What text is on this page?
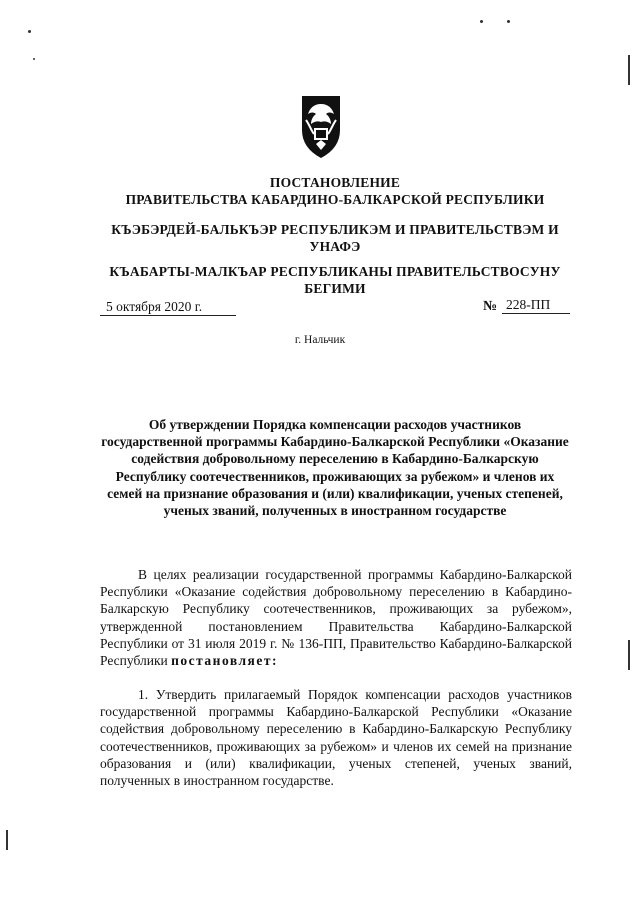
ПОСТАНОВЛЕНИЕ
ПРАВИТЕЛЬСТВА КАБАРДИНО-БАЛКАРСКОЙ РЕСПУБЛИКИ
КЪЭБЭРДЕЙ-БАЛЬКЪЭР РЕСПУБЛИКЭМ И ПРАВИТЕЛЬСТВЭМ И УНАФЭ
КЪАБАРТЫ-МАЛКЪАР РЕСПУБЛИКАНЫ ПРАВИТЕЛЬСТВОСУНУ БЕГИМИ
5 октября 2020 г.	№ 228-ПП
г. Нальчик
Об утверждении Порядка компенсации расходов участников государственной программы Кабардино-Балкарской Республики «Оказание содействия добровольному переселению в Кабардино-Балкарскую Республику соотечественников, проживающих за рубежом» и членов их семей на признание образования и (или) квалификации, ученых степеней, ученых званий, полученных в иностранном государстве
В целях реализации государственной программы Кабардино-Балкарской Республики «Оказание содействия добровольному переселению в Кабардино-Балкарскую Республику соотечественников, проживающих за рубежом», утвержденной постановлением Правительства Кабардино-Балкарской Республики от 31 июля 2019 г. № 136-ПП, Правительство Кабардино-Балкарской Республики постановляет:
1. Утвердить прилагаемый Порядок компенсации расходов участников государственной программы Кабардино-Балкарской Республики «Оказание содействия добровольному переселению в Кабардино-Балкарскую Республику соотечественников, проживающих за рубежом» и членов их семей на признание образования и (или) квалификации, ученых степеней, ученых званий, полученных в иностранном государстве.
